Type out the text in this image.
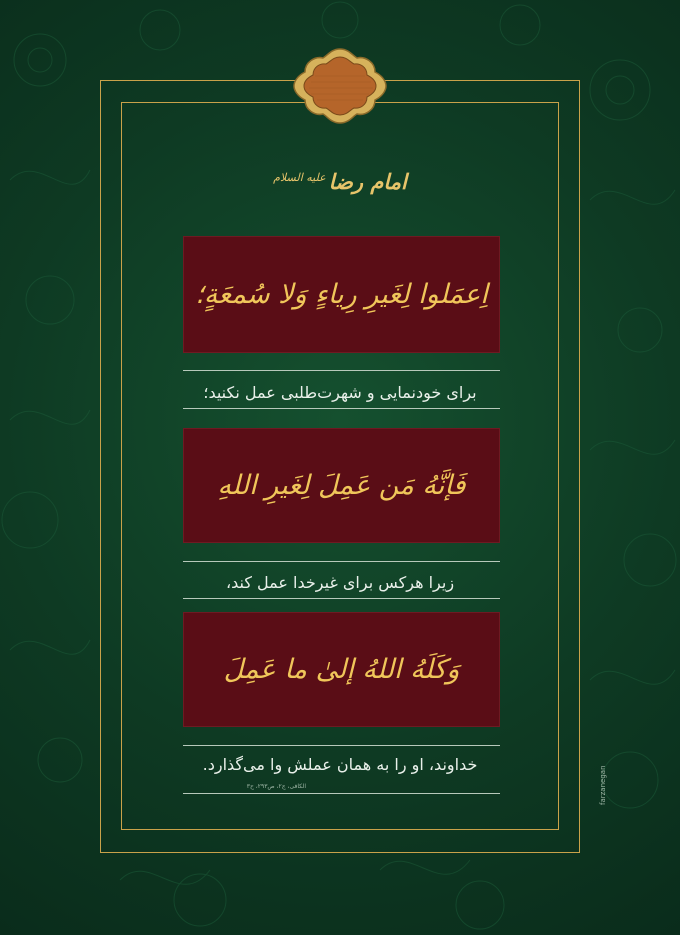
امام رضا$^{علیه السلام}$
اِعمَلوا لِغَیرِ رِیاءٍ وَلا سُمعَةٍ؛
برای خودنمایی و شهرت‌طلبی عمل نکنید؛
فَإنَّهُ مَن عَمِلَ لِغَیرِ اللهِ
زیرا هر‌کس برای غیر‌خدا عمل کند،
وَکَلَهُ اللهُ إلیٰ ما عَمِلَ
خداوند، او را به همان عملش وا می‌گذارد.
الکافی، ج۲، ص۲۹۳، ح۳	farzanegan
